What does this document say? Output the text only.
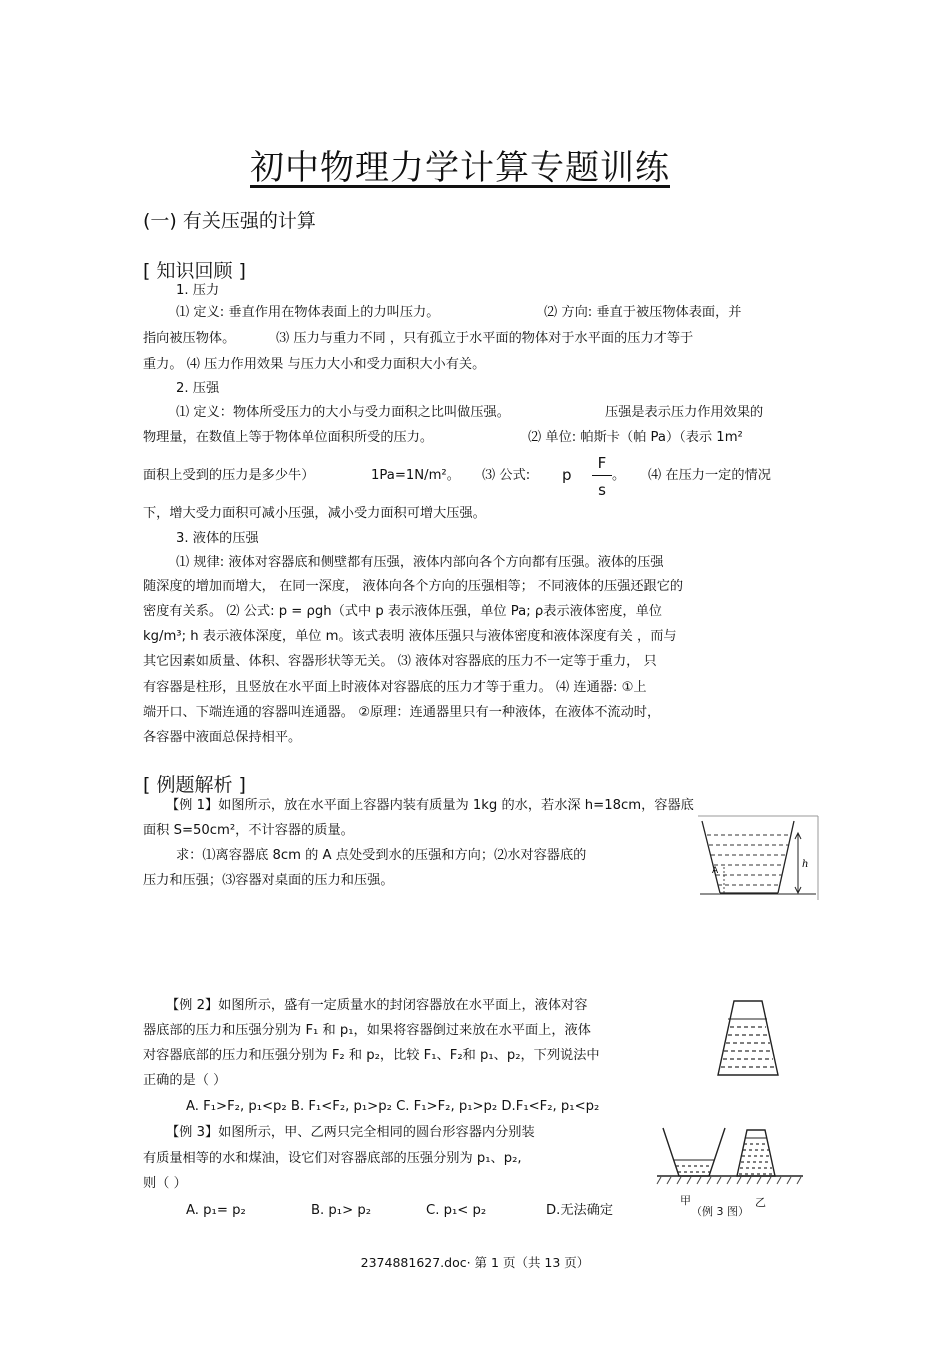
初中物理力学计算专题训练
(一) 有关压强的计算
[ 知识回顾 ]
1. 压力
⑴ 定义: 垂直作用在物体表面上的力叫压力。	⑵ 方向: 垂直于被压物体表面，并
指向被压物体。	⑶ 压力与重力不同 ，只有孤立于水平面的物体对于水平面的压力才等于
重力。 ⑷ 压力作用效果 与压力大小和受力面积大小有关。
2. 压强
⑴ 定义：物体所受压力的大小与受力面积之比叫做压强。	压强是表示压力作用效果的
物理量，在数值上等于物体单位面积所受的压力。	⑵ 单位: 帕斯卡（帕 Pa）（表示 1m²
面积上受到的压力是多少牛）	1Pa=1N/m²。 ⑶ 公式: p
F
s
。 ⑷ 在压力一定的情况
下，增大受力面积可减小压强，减小受力面积可增大压强。
3. 液体的压强
⑴ 规律: 液体对容器底和侧壁都有压强，液体内部向各个方向都有压强。液体的压强
随深度的增加而增大， 在同一深度， 液体向各个方向的压强相等； 不同液体的压强还跟它的
密度有关系。 ⑵ 公式: p = ρgh（式中 p 表示液体压强，单位 Pa; ρ表示液体密度，单位
kg/m³; h 表示液体深度，单位 m。该式表明 液体压强只与液体密度和液体深度有关 ，而与
其它因素如质量、体积、容器形状等无关。 ⑶ 液体对容器底的压力不一定等于重力， 只
有容器是柱形，且竖放在水平面上时液体对容器底的压力才等于重力。 ⑷ 连通器: ①上
端开口、下端连通的容器叫连通器。 ②原理：连通器里只有一种液体，在液体不流动时，
各容器中液面总保持相平。
[ 例题解析 ]
【例 1】如图所示，放在水平面上容器内装有质量为 1kg 的水，若水深 h=18cm，容器底
面积 S=50cm²，不计容器的质量。
求：⑴离容器底 8cm 的 A 点处受到水的压强和方向；⑵水对容器底的
压力和压强；⑶容器对桌面的压力和压强。
h
A
【例 2】如图所示，盛有一定质量水的封闭容器放在水平面上，液体对容
器底部的压力和压强分别为 F₁ 和 p₁，如果将容器倒过来放在水平面上，液体
对容器底部的压力和压强分别为 F₂ 和 p₂，比较 F₁、F₂和 p₁、p₂，下列说法中
正确的是（ ）
A. F₁>F₂, p₁<p₂ B. F₁<F₂, p₁>p₂ C. F₁>F₂, p₁>p₂ D.F₁<F₂, p₁<p₂
【例 3】如图所示，甲、乙两只完全相同的圆台形容器内分别装
有质量相等的水和煤油，设它们对容器底部的压强分别为 p₁、p₂,
则（ ）
A. p₁= p₂	B. p₁> p₂	C. p₁< p₂	D.无法确定
甲	乙
（例 3 图）
2374881627.doc· 第 1 页（共 13 页）
